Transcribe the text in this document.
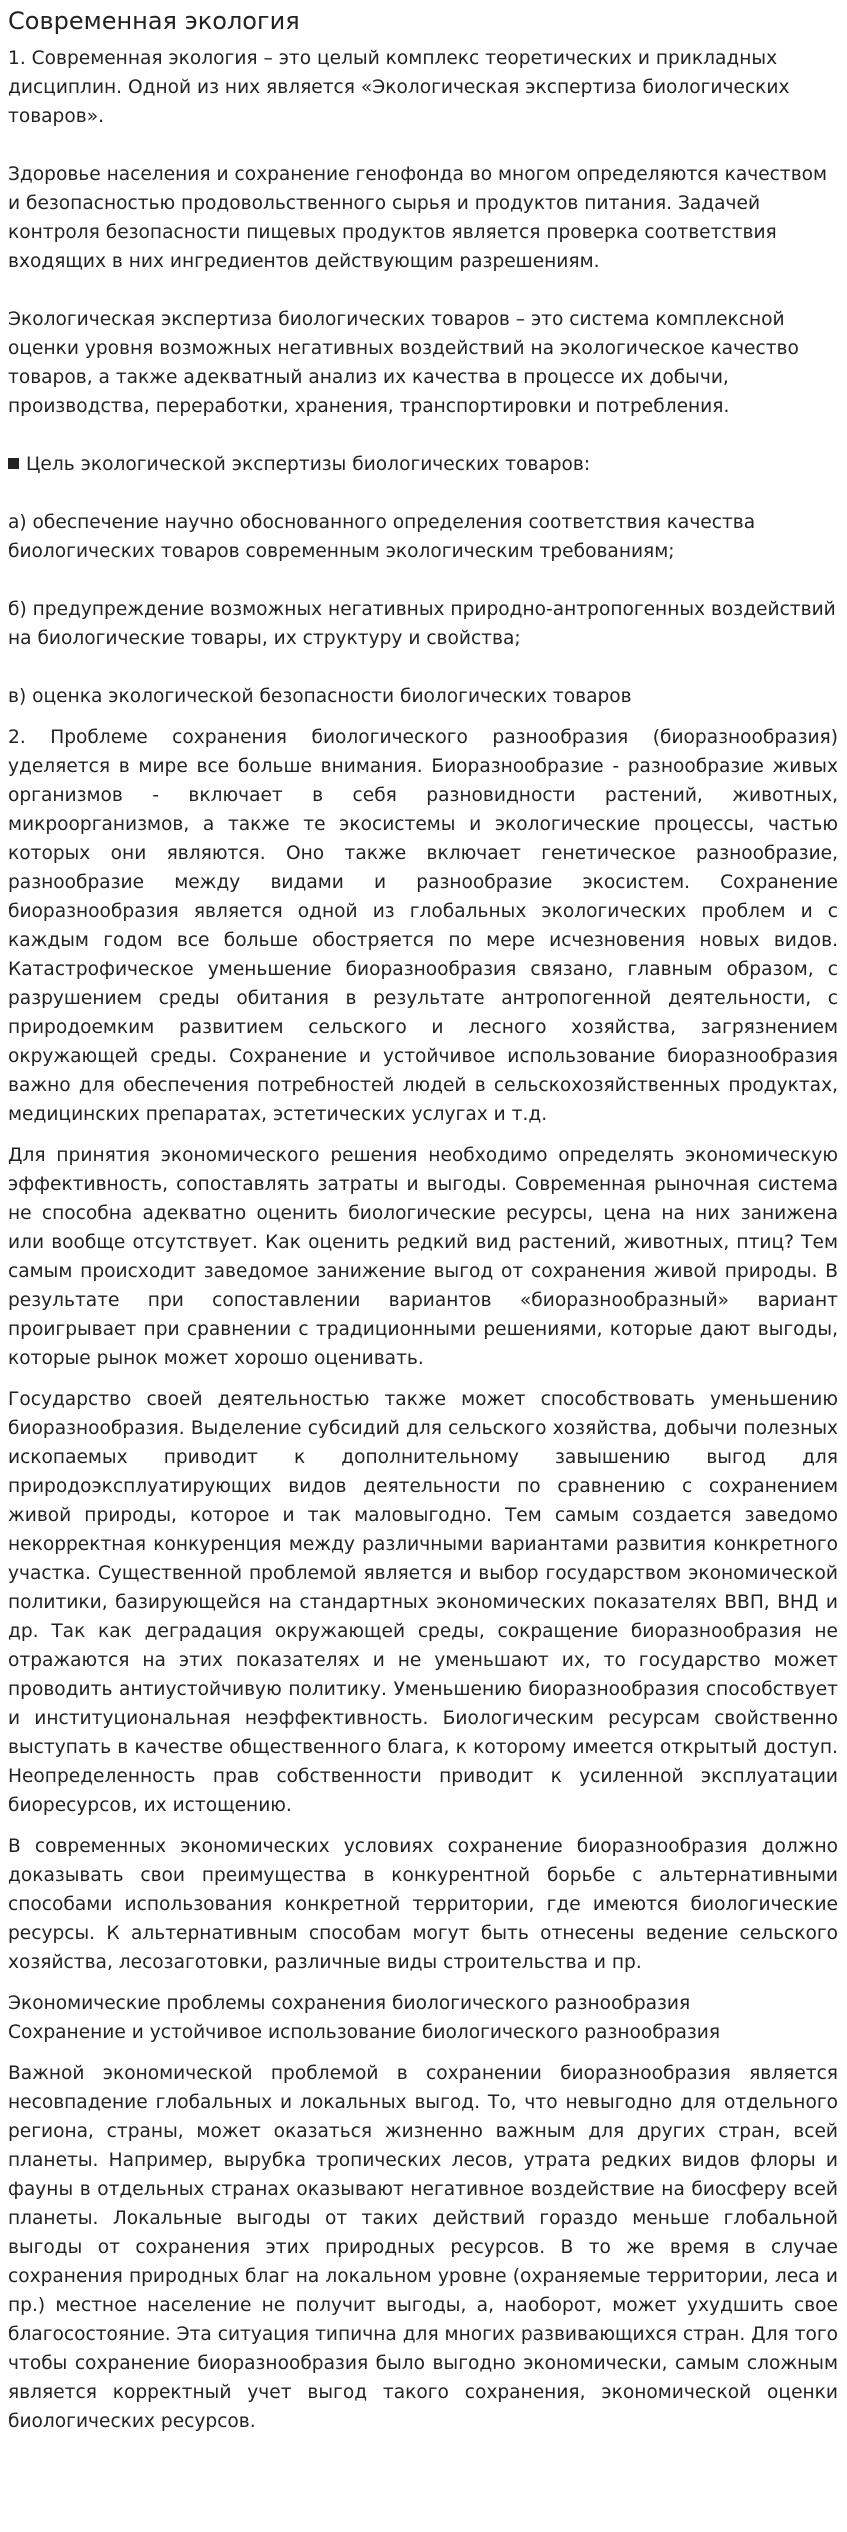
Современная экология

1. Современная экология – это целый комплекс теоретических и прикладных дисциплин. Одной из них является «Экологическая экспертиза биологических товаров».

Здоровье населения и сохранение генофонда во многом определяются качеством и безопасностью продовольственного сырья и продуктов питания. Задачей контроля безопасности пищевых продуктов является проверка соответствия входящих в них ингредиентов действующим разрешениям.

Экологическая экспертиза биологических товаров – это система комплексной оценки уровня возможных негативных воздействий на экологическое качество товаров, а также адекватный анализ их качества в процессе их добычи, производства, переработки, хранения, транспортировки и потребления.

Цель экологической экспертизы биологических товаров:

а) обеспечение научно обоснованного определения соответствия качества биологических товаров современным экологическим требованиям;

б) предупреждение возможных негативных природно-антропогенных воздействий на биологические товары, их структуру и свойства;

в) оценка экологической безопасности биологических товаров

2. Проблеме сохранения биологического разнообразия (биоразнообразия) уделяется в мире все больше внимания. Биоразнообразие - разнообразие живых организмов - включает в себя разновидности растений, животных, микроорганизмов, а также те экосистемы и экологические процессы, частью которых они являются. Оно также включает генетическое разнообразие, разнообразие между видами и разнообразие экосистем. Сохранение биоразнообразия является одной из глобальных экологических проблем и с каждым годом все больше обостряется по мере исчезновения новых видов. Катастрофическое уменьшение биоразнообразия связано, главным образом, с разрушением среды обитания в результате антропогенной деятельности, с природоемким развитием сельского и лесного хозяйства, загрязнением окружающей среды. Сохранение и устойчивое использование биоразнообразия важно для обеспечения потребностей людей в сельскохозяйственных продуктах, медицинских препаратах, эстетических услугах и т.д.

Для принятия экономического решения необходимо определять экономическую эффективность, сопоставлять затраты и выгоды. Современная рыночная система не способна адекватно оценить биологические ресурсы, цена на них занижена или вообще отсутствует. Как оценить редкий вид растений, животных, птиц? Тем самым происходит заведомое занижение выгод от сохранения живой природы. В результате при сопоставлении вариантов «биоразнообразный» вариант проигрывает при сравнении с традиционными решениями, которые дают выгоды, которые рынок может хорошо оценивать.

Государство своей деятельностью также может способствовать уменьшению биоразнообразия. Выделение субсидий для сельского хозяйства, добычи полезных ископаемых приводит к дополнительному завышению выгод для природоэксплуатирующих видов деятельности по сравнению с сохранением живой природы, которое и так маловыгодно. Тем самым создается заведомо некорректная конкуренция между различными вариантами развития конкретного участка. Существенной проблемой является и выбор государством экономической политики, базирующейся на стандартных экономических показателях ВВП, ВНД и др. Так как деградация окружающей среды, сокращение биоразнообразия не отражаются на этих показателях и не уменьшают их, то государство может проводить антиустойчивую политику. Уменьшению биоразнообразия способствует и институциональная неэффективность. Биологическим ресурсам свойственно выступать в качестве общественного блага, к которому имеется открытый доступ. Неопределенность прав собственности приводит к усиленной эксплуатации биоресурсов, их истощению.

В современных экономических условиях сохранение биоразнообразия должно доказывать свои преимущества в конкурентной борьбе с альтернативными способами использования конкретной территории, где имеются биологические ресурсы. К альтернативным способам могут быть отнесены ведение сельского хозяйства, лесозаготовки, различные виды строительства и пр.

Экономические проблемы сохранения биологического разнообразия

Сохранение и устойчивое использование биологического разнообразия

Важной экономической проблемой в сохранении биоразнообразия является несовпадение глобальных и локальных выгод. То, что невыгодно для отдельного региона, страны, может оказаться жизненно важным для других стран, всей планеты. Например, вырубка тропических лесов, утрата редких видов флоры и фауны в отдельных странах оказывают негативное воздействие на биосферу всей планеты. Локальные выгоды от таких действий гораздо меньше глобальной выгоды от сохранения этих природных ресурсов. В то же время в случае сохранения природных благ на локальном уровне (охраняемые территории, леса и пр.) местное население не получит выгоды, а, наоборот, может ухудшить свое благосостояние. Эта ситуация типична для многих развивающихся стран. Для того чтобы сохранение биоразнообразия было выгодно экономически, самым сложным является корректный учет выгод такого сохранения, экономической оценки биологических ресурсов.
